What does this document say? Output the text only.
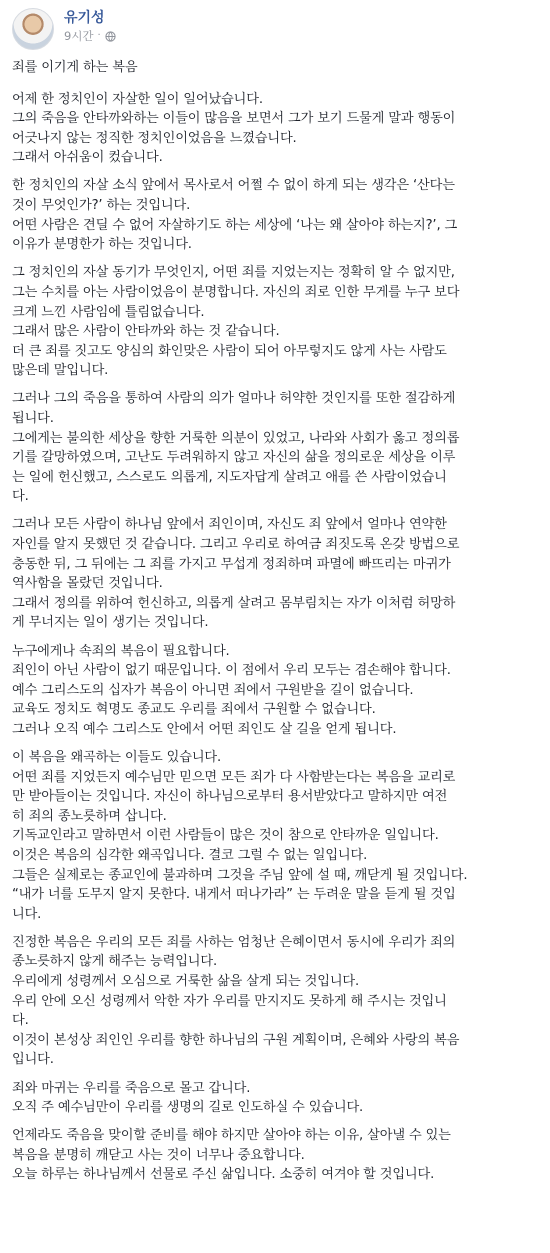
유기성
9시간 ·

죄를 이기게 하는 복음

어제 한 정치인이 자살한 일이 일어났습니다.
그의 죽음을 안타까와하는 이들이 많음을 보면서 그가 보기 드물게 말과 행동이
어긋나지 않는 정직한 정치인이었음을 느꼈습니다.
그래서 아쉬움이 컸습니다.

한 정치인의 자살 소식 앞에서 목사로서 어쩔 수 없이 하게 되는 생각은 ‘산다는
것이 무엇인가?’ 하는 것입니다.
어떤 사람은 견딜 수 없어 자살하기도 하는 세상에 ‘나는 왜 살아야 하는지?’, 그
이유가 분명한가 하는 것입니다.

그 정치인의 자살 동기가 무엇인지, 어떤 죄를 지었는지는 정확히 알 수 없지만,
그는 수치를 아는 사람이었음이 분명합니다. 자신의 죄로 인한 무게를 누구 보다
크게 느낀 사람임에 틀림없습니다.
그래서 많은 사람이 안타까와 하는 것 같습니다.
더 큰 죄를 짓고도 양심의 화인맞은 사람이 되어 아무렇지도 않게 사는 사람도
많은데 말입니다.

그러나 그의 죽음을 통하여 사람의 의가 얼마나 허약한 것인지를 또한 절감하게
됩니다.
그에게는 불의한 세상을 향한 거룩한 의분이 있었고, 나라와 사회가 옳고 정의롭
기를 갈망하였으며, 고난도 두려워하지 않고 자신의 삶을 정의로운 세상을 이루
는 일에 헌신했고, 스스로도 의롭게, 지도자답게 살려고 애를 쓴 사람이었습니
다.

그러나 모든 사람이 하나님 앞에서 죄인이며, 자신도 죄 앞에서 얼마나 연약한
자인를 알지 못했던 것 같습니다. 그리고 우리로 하여금 죄짓도록 온갖 방법으로
충동한 뒤, 그 뒤에는 그 죄를 가지고 무섭게 정죄하며 파멸에 빠뜨리는 마귀가
역사함을 몰랐던 것입니다.
그래서 정의를 위하여 헌신하고, 의롭게 살려고 몸부림치는 자가 이처럼 허망하
게 무너지는 일이 생기는 것입니다.

누구에게나 속죄의 복음이 필요합니다.
죄인이 아닌 사람이 없기 때문입니다. 이 점에서 우리 모두는 겸손해야 합니다.
예수 그리스도의 십자가 복음이 아니면 죄에서 구원받을 길이 없습니다.
교육도 정치도 혁명도 종교도 우리를 죄에서 구원할 수 없습니다.
그러나 오직 예수 그리스도 안에서 어떤 죄인도 살 길을 얻게 됩니다.

이 복음을 왜곡하는 이들도 있습니다.
어떤 죄를 지었든지 예수님만 믿으면 모든 죄가 다 사함받는다는 복음을 교리로
만 받아들이는 것입니다. 자신이 하나님으로부터 용서받았다고 말하지만 여전
히 죄의 종노릇하며 삽니다.
기독교인라고 말하면서 이런 사람들이 많은 것이 참으로 안타까운 일입니다.
이것은 복음의 심각한 왜곡입니다. 결코 그럴 수 없는 일입니다.
그들은 실제로는 종교인에 불과하며 그것을 주님 앞에 설 때, 깨닫게 될 것입니다.
“내가 너를 도무지 알지 못한다. 내게서 떠나가라” 는 두려운 말을 듣게 될 것입
니다.

진정한 복음은 우리의 모든 죄를 사하는 엄청난 은혜이면서 동시에 우리가 죄의
종노릇하지 않게 해주는 능력입니다.
우리에게 성령께서 오심으로 거룩한 삶을 살게 되는 것입니다.
우리 안에 오신 성령께서 악한 자가 우리를 만지지도 못하게 해 주시는 것입니
다.
이것이 본성상 죄인인 우리를 향한 하나님의 구원 계획이며, 은혜와 사랑의 복음
입니다.

죄와 마귀는 우리를 죽음으로 몰고 갑니다.
오직 주 예수님만이 우리를 생명의 길로 인도하실 수 있습니다.

언제라도 죽음을 맞이할 준비를 해야 하지만 살아야 하는 이유, 살아낼 수 있는
복음을 분명히 깨닫고 사는 것이 너무나 중요합니다.
오늘 하루는 하나님께서 선물로 주신 삶입니다. 소중히 여겨야 할 것입니다.
